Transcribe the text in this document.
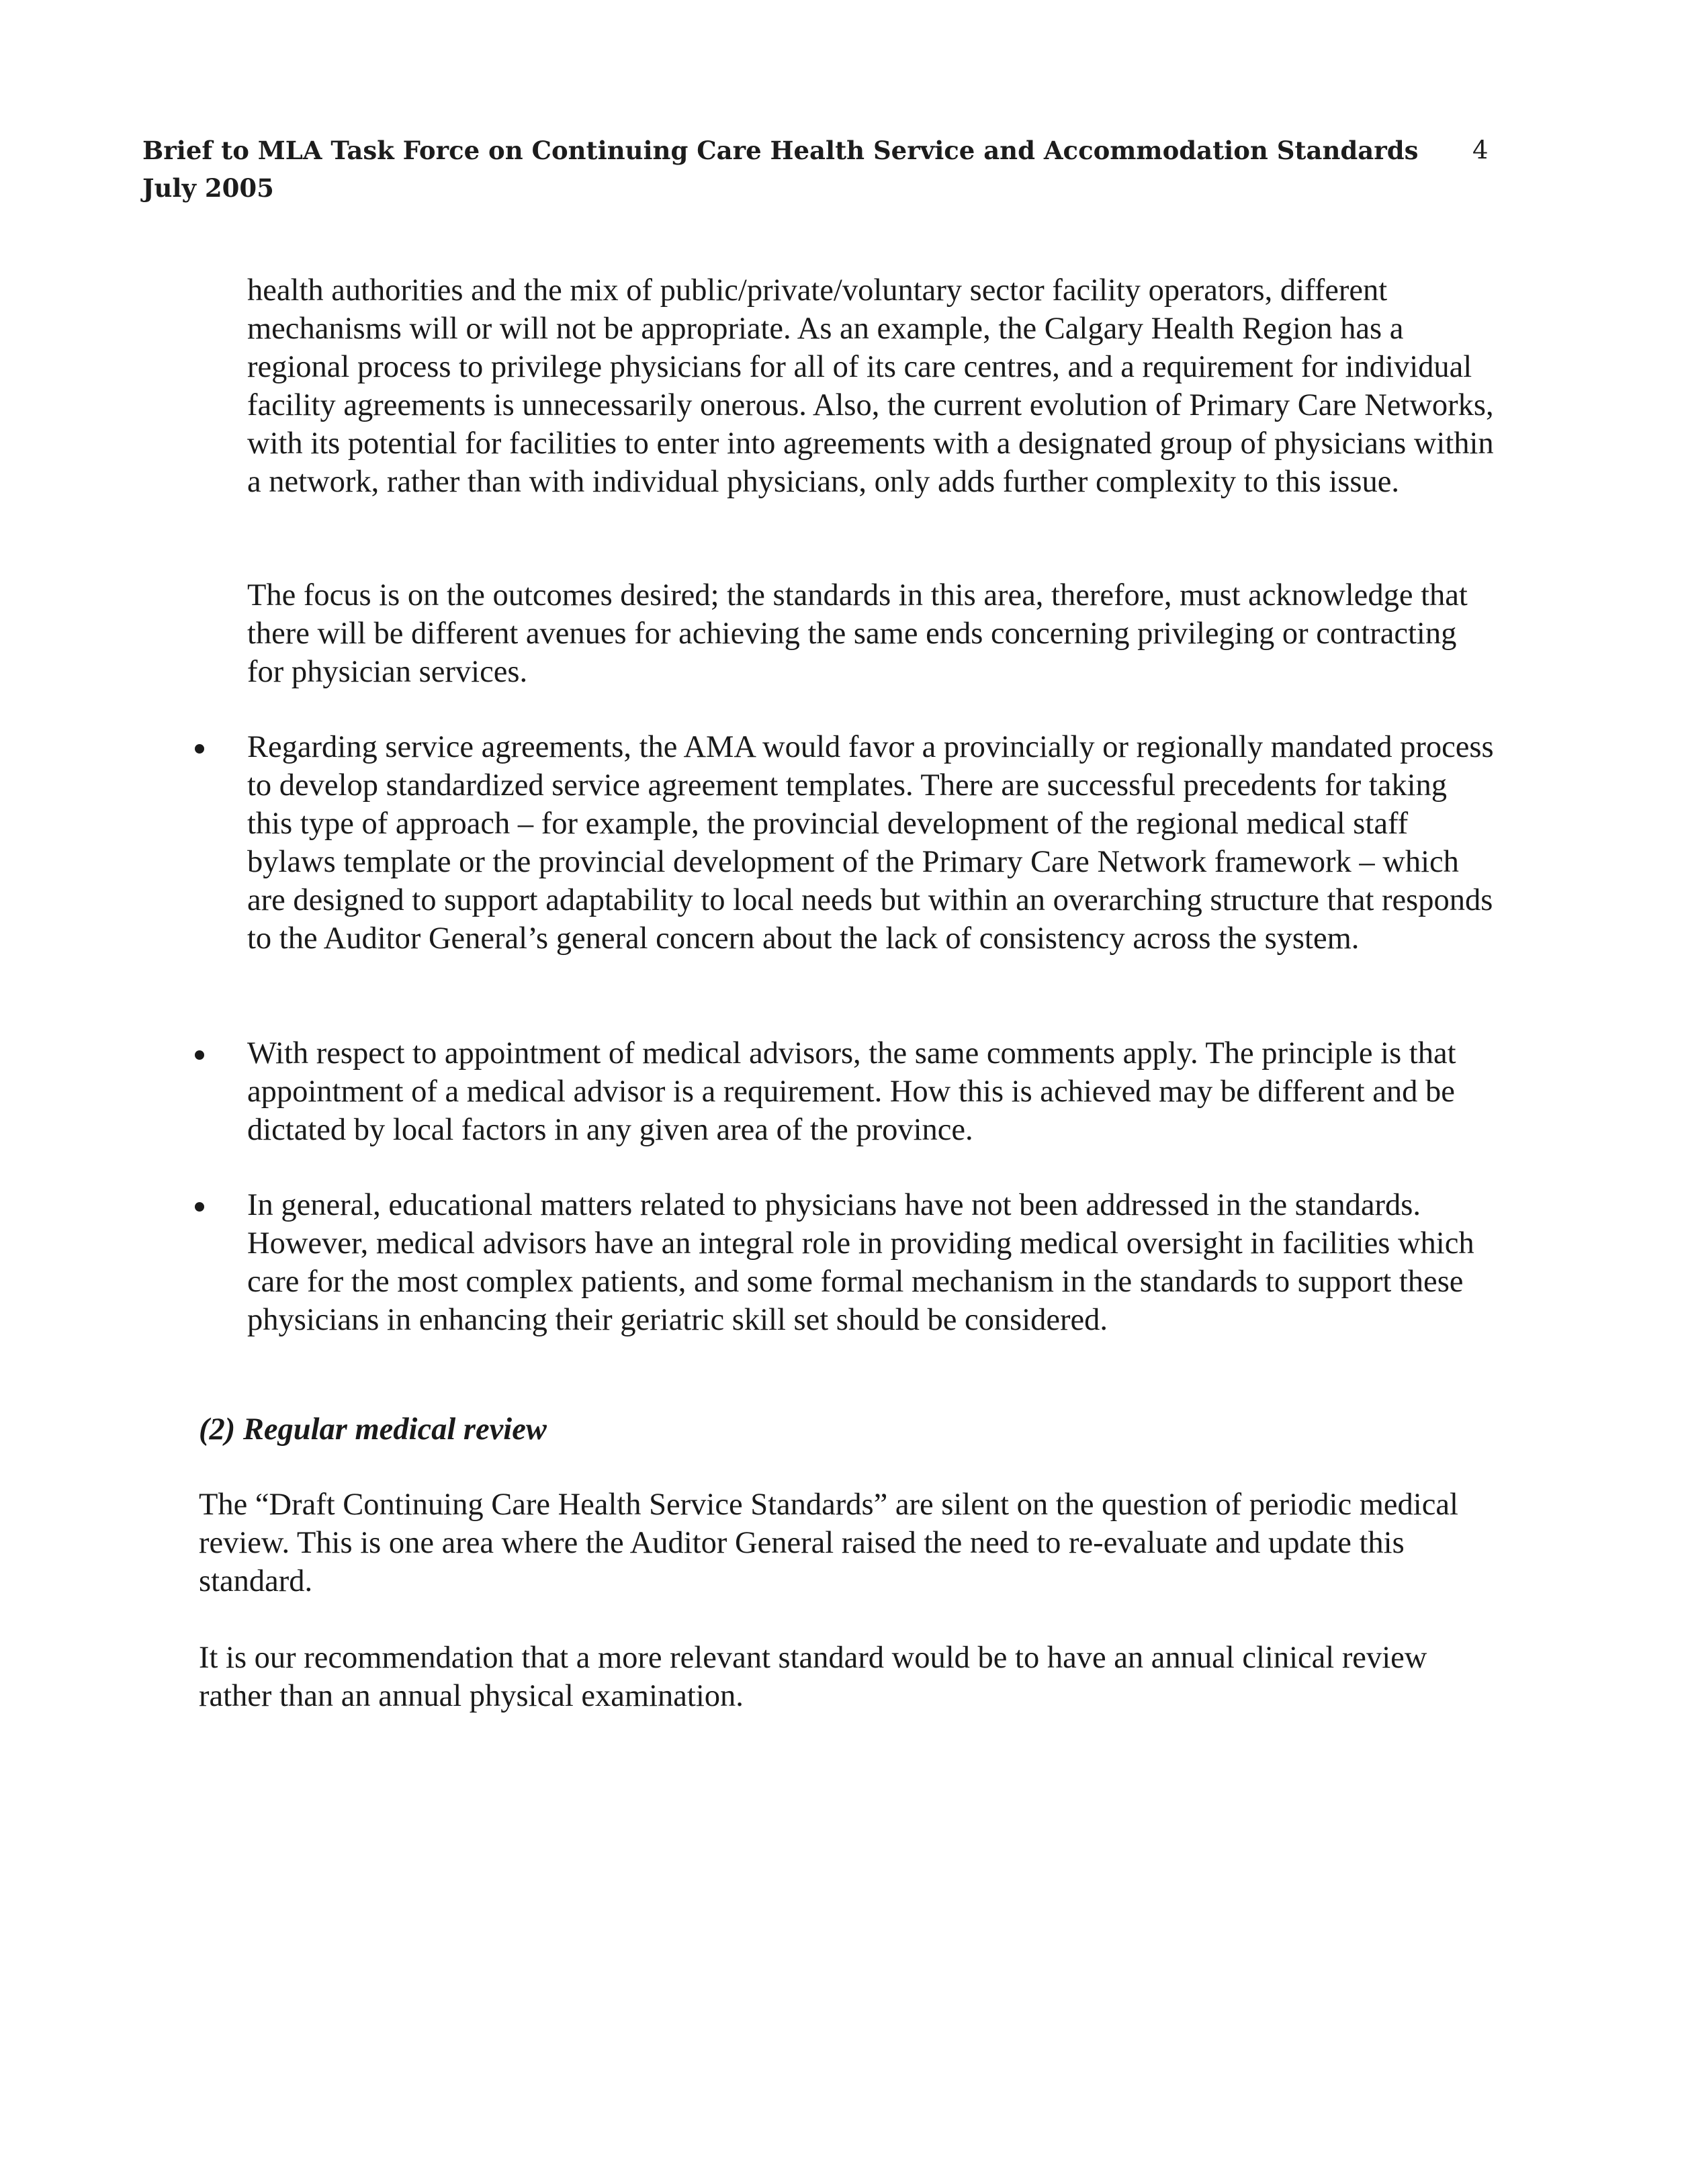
Brief to MLA Task Force on Continuing Care Health Service and Accommodation Standards
July 2005
4

health authorities and the mix of public/private/voluntary sector facility operators, different mechanisms will or will not be appropriate. As an example, the Calgary Health Region has a regional process to privilege physicians for all of its care centres, and a requirement for individual facility agreements is unnecessarily onerous. Also, the current evolution of Primary Care Networks, with its potential for facilities to enter into agreements with a designated group of physicians within a network, rather than with individual physicians, only adds further complexity to this issue.

The focus is on the outcomes desired; the standards in this area, therefore, must acknowledge that there will be different avenues for achieving the same ends concerning privileging or contracting for physician services.

Regarding service agreements, the AMA would favor a provincially or regionally mandated process to develop standardized service agreement templates. There are successful precedents for taking this type of approach – for example, the provincial development of the regional medical staff bylaws template or the provincial development of the Primary Care Network framework – which are designed to support adaptability to local needs but within an overarching structure that responds to the Auditor General’s general concern about the lack of consistency across the system.

With respect to appointment of medical advisors, the same comments apply. The principle is that appointment of a medical advisor is a requirement. How this is achieved may be different and be dictated by local factors in any given area of the province.

In general, educational matters related to physicians have not been addressed in the standards. However, medical advisors have an integral role in providing medical oversight in facilities which care for the most complex patients, and some formal mechanism in the standards to support these physicians in enhancing their geriatric skill set should be considered.

(2) Regular medical review

The “Draft Continuing Care Health Service Standards” are silent on the question of periodic medical review. This is one area where the Auditor General raised the need to re-evaluate and update this standard.

It is our recommendation that a more relevant standard would be to have an annual clinical review rather than an annual physical examination.
